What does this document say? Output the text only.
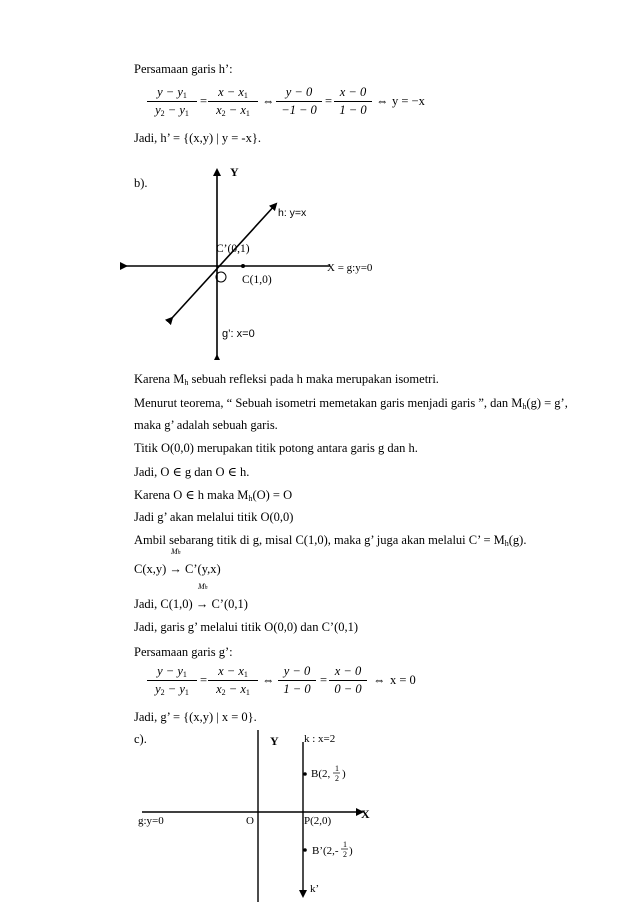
Persamaan garis h’:
$\frac{y - y_1}{y_2 - y_1} = \frac{x - x_1}{x_2 - x_1}$ ⇔ $\frac{y - 0}{-1 - 0} = \frac{x - 0}{1 - 0}$ ⇔ y = −x
Jadi, h’ = {(x,y) | y = -x}.
b).
Y
h: y=x
C’(0,1)
C(1,0)
X = g:y=0
g’: x=0
Karena $M_h$ sebuah refleksi pada h maka merupakan isometri.
Menurut teorema, “ Sebuah isometri memetakan garis menjadi garis ”, dan $M_h(g) = g$’,
maka g’ adalah sebuah garis.
Titik O(0,0) merupakan titik potong antara garis g dan h.
Jadi, O ∈ g dan O ∈ h.
Karena O ∈ h maka $M_h(O) = O$
Jadi g’ akan melalui titik O(0,0)
Ambil sebarang titik di g, misal C(1,0), maka g’ juga akan melalui C’ = $M_h(g)$.
Mh
C(x,y) → C’(y,x)
Mh
Jadi, C(1,0) → C’(0,1)
Jadi, garis g’ melalui titik O(0,0) dan C’(0,1)
Persamaan garis g’:
$\frac{y - y_1}{y_2 - y_1} = \frac{x - x_1}{x_2 - x_1}$ ⇔ $\frac{y - 0}{1 - 0} = \frac{x - 0}{0 - 0}$ ⇔ x = 0
Jadi, g’ = {(x,y) | x = 0}.
c).	Y k : x=2
B(2, 1
2 )
g:y=0	O	P(2,0) X
B’(2,-
1
2 )
k’
